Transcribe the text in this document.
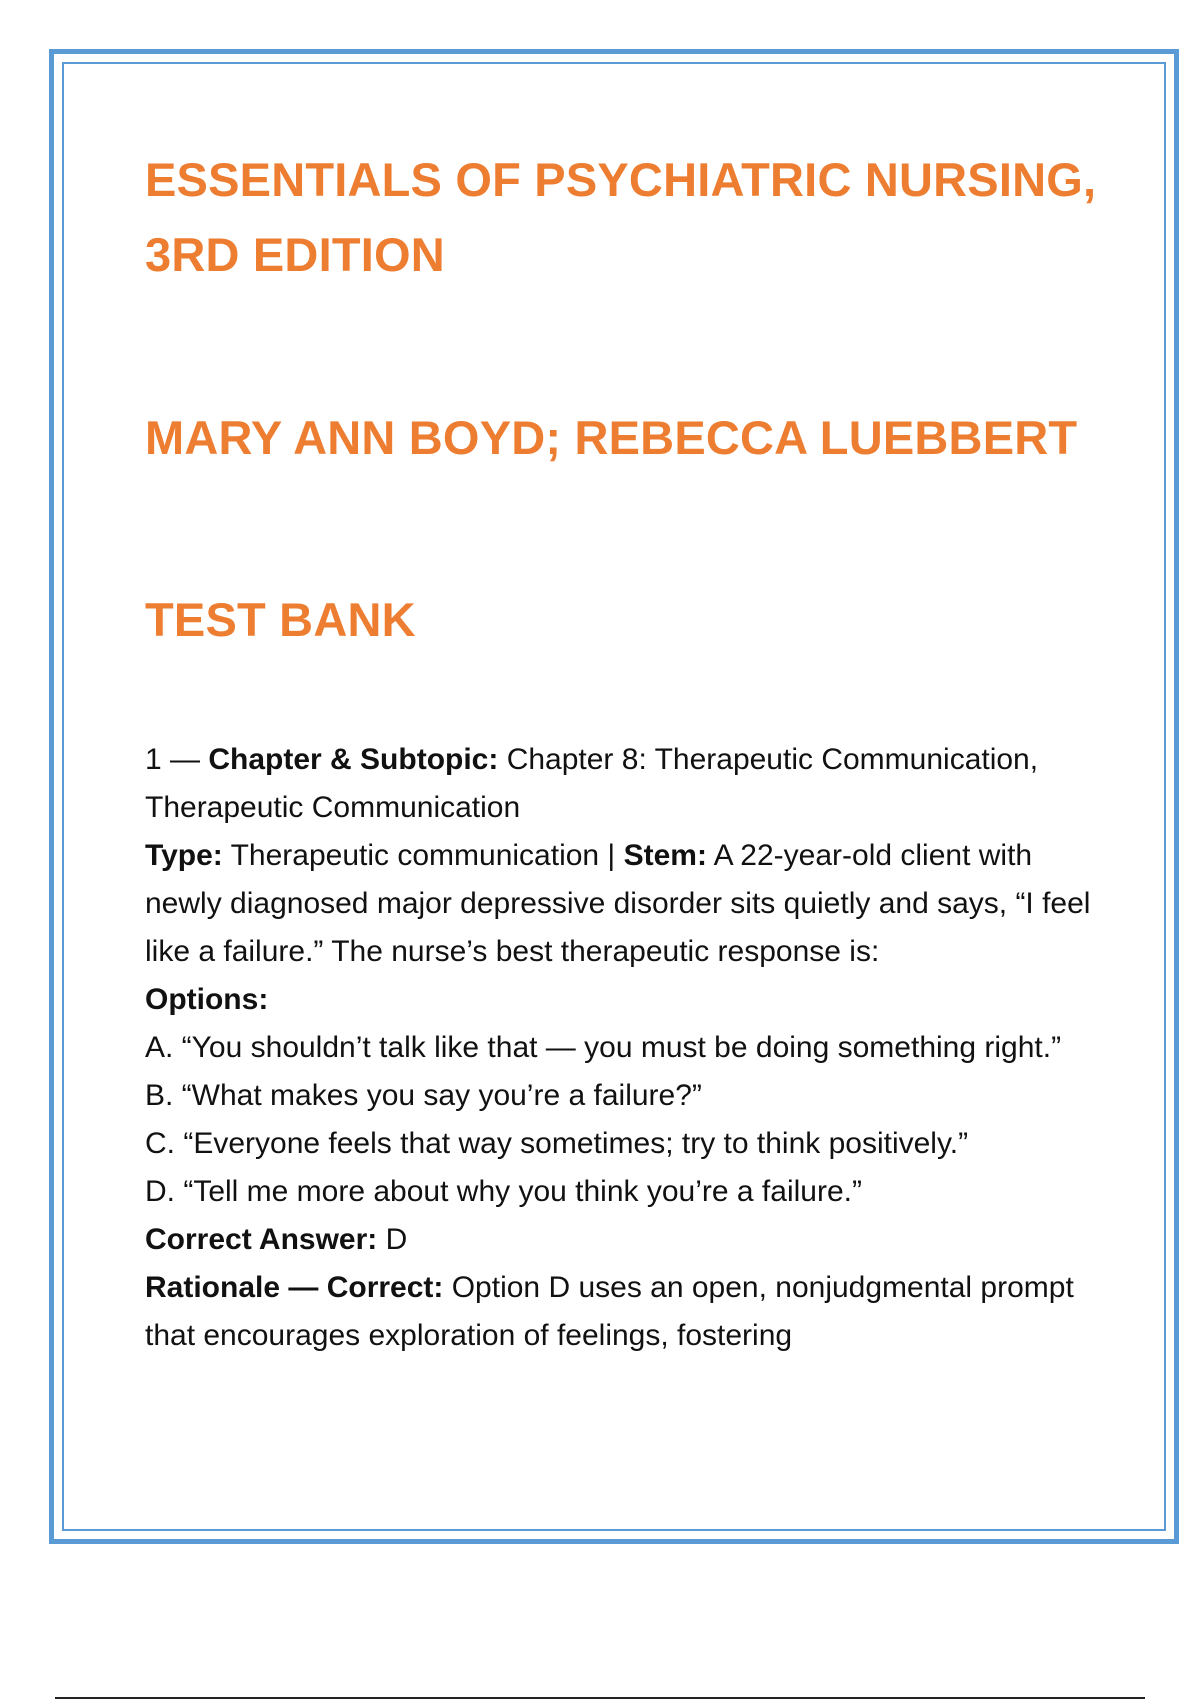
ESSENTIALS OF PSYCHIATRIC NURSING, 3RD EDITION
MARY ANN BOYD; REBECCA LUEBBERT
TEST BANK

1 — Chapter & Subtopic: Chapter 8: Therapeutic Communication, Therapeutic Communication

Type: Therapeutic communication | Stem: A 22-year-old client with newly diagnosed major depressive disorder sits quietly and says, “I feel like a failure.” The nurse’s best therapeutic response is:

Options:

A. “You shouldn’t talk like that — you must be doing something right.”

B. “What makes you say you’re a failure?”

C. “Everyone feels that way sometimes; try to think positively.”

D. “Tell me more about why you think you’re a failure.”

Correct Answer: D

Rationale — Correct: Option D uses an open, nonjudgmental prompt that encourages exploration of feelings, fostering
